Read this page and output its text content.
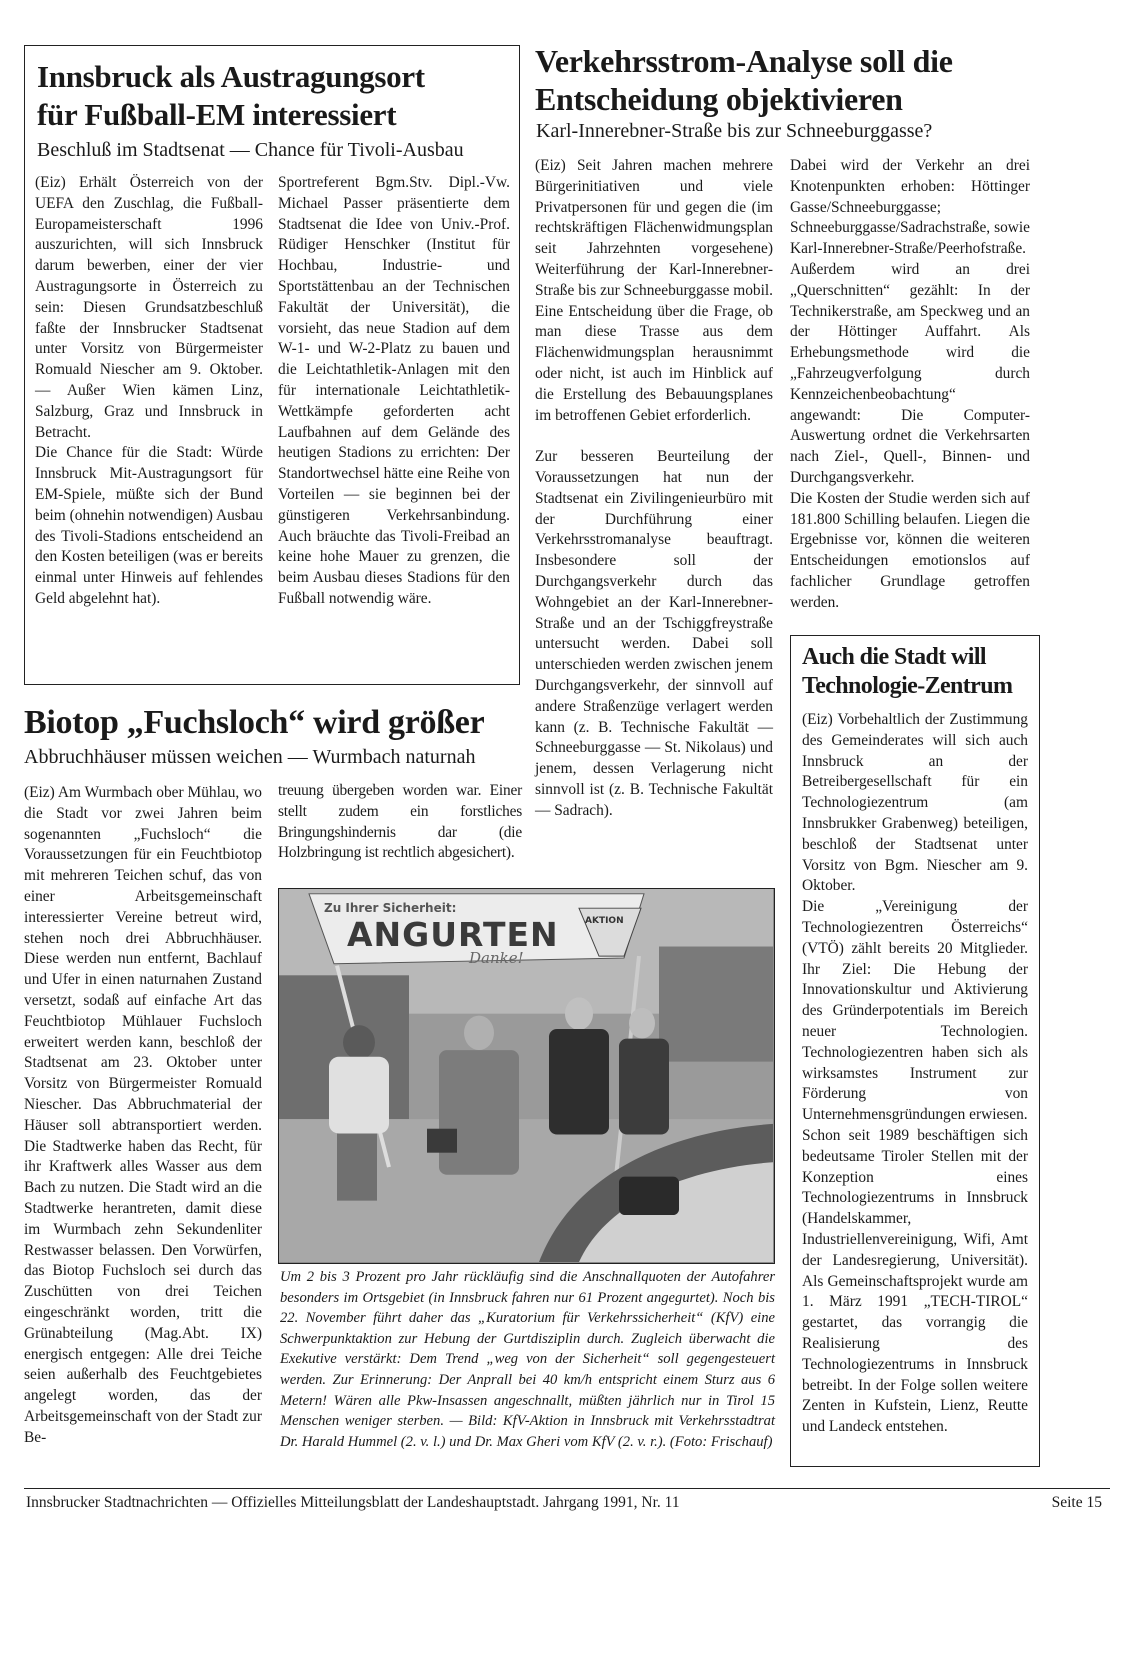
Innsbruck als Austragungsort
für Fußball-EM interessiert
Beschluß im Stadtsenat — Chance für Tivoli-Ausbau

(Eiz) Erhält Österreich von der UEFA den Zuschlag, die Fußball-Europameisterschaft 1996 auszurichten, will sich Innsbruck darum bewerben, einer der vier Austragungsorte in Österreich zu sein: Diesen Grundsatzbeschluß faßte der Innsbrucker Stadtsenat unter Vorsitz von Bürgermeister Romuald Niescher am 9. Oktober. — Außer Wien kämen Linz, Salzburg, Graz und Innsbruck in Betracht.

Die Chance für die Stadt: Würde Innsbruck Mit-Austragungsort für EM-Spiele, müßte sich der Bund beim (ohnehin notwendigen) Ausbau des Tivoli-Stadions entscheidend an den Kosten beteiligen (was er bereits einmal unter Hinweis auf fehlendes Geld abgelehnt hat).

Sportreferent Bgm.Stv. Dipl.-Vw. Michael Passer präsentierte dem Stadtsenat die Idee von Univ.-Prof. Rüdiger Henschker (Institut für Hochbau, Industrie- und Sportstättenbau an der Technischen Fakultät der Universität), die vorsieht, das neue Stadion auf dem W-1- und W-2-Platz zu bauen und die Leichtathletik-Anlagen mit den für internationale Leichtathletik-Wettkämpfe geforderten acht Laufbahnen auf dem Gelände des heutigen Stadions zu errichten: Der Standortwechsel hätte eine Reihe von Vorteilen — sie beginnen bei der günstigeren Verkehrsanbindung. Auch bräuchte das Tivoli-Freibad an keine hohe Mauer zu grenzen, die beim Ausbau dieses Stadions für den Fußball notwendig wäre.

Verkehrsstrom-Analyse soll die
Entscheidung objektivieren
Karl-Innerebner-Straße bis zur Schneeburggasse?

(Eiz) Seit Jahren machen mehrere Bürgerinitiativen und viele Privatpersonen für und gegen die (im rechtskräftigen Flächenwidmungsplan seit Jahrzehnten vorgesehene) Weiterführung der Karl-Innerebner-Straße bis zur Schneeburggasse mobil. Eine Entscheidung über die Frage, ob man diese Trasse aus dem Flächenwidmungsplan herausnimmt oder nicht, ist auch im Hinblick auf die Erstellung des Bebauungsplanes im betroffenen Gebiet erforderlich.

Zur besseren Beurteilung der Voraussetzungen hat nun der Stadtsenat ein Zivilingenieurbüro mit der Durchführung einer Verkehrsstromanalyse beauftragt. Insbesondere soll der Durchgangsverkehr durch das Wohngebiet an der Karl-Innerebner-Straße und an der Tschiggfreystraße untersucht werden. Dabei soll unterschieden werden zwischen jenem Durchgangsverkehr, der sinnvoll auf andere Straßenzüge verlagert werden kann (z. B. Technische Fakultät — Schneeburggasse — St. Nikolaus) und jenem, dessen Verlagerung nicht sinnvoll ist (z. B. Technische Fakultät — Sadrach).

Dabei wird der Verkehr an drei Knotenpunkten erhoben: Höttinger Gasse/Schneeburggasse; Schneeburggasse/Sadrachstraße, sowie Karl-Innerebner-Straße/Peerhofstraße. Außerdem wird an drei „Querschnitten“ gezählt: In der Technikerstraße, am Speckweg und an der Höttinger Auffahrt. Als Erhebungsmethode wird die „Fahrzeugverfolgung durch Kennzeichenbeobachtung“ angewandt: Die Computer-Auswertung ordnet die Verkehrsarten nach Ziel-, Quell-, Binnen- und Durchgangsverkehr.

Die Kosten der Studie werden sich auf 181.800 Schilling belaufen. Liegen die Ergebnisse vor, können die weiteren Entscheidungen emotionslos auf fachlicher Grundlage getroffen werden.

Auch die Stadt will
Technologie-Zentrum

(Eiz) Vorbehaltlich der Zustimmung des Gemeinderates will sich auch Innsbruck an der Betreibergesellschaft für ein Technologiezentrum (am Innsbrukker Grabenweg) beteiligen, beschloß der Stadtsenat unter Vorsitz von Bgm. Niescher am 9. Oktober.

Die „Vereinigung der Technologiezentren Österreichs“ (VTÖ) zählt bereits 20 Mitglieder. Ihr Ziel: Die Hebung der Innovationskultur und Aktivierung des Gründerpotentials im Bereich neuer Technologien. Technologiezentren haben sich als wirksamstes Instrument zur Förderung von Unternehmensgründungen erwiesen.

Schon seit 1989 beschäftigen sich bedeutsame Tiroler Stellen mit der Konzeption eines Technologiezentrums in Innsbruck (Handelskammer, Industriellenvereinigung, Wifi, Amt der Landesregierung, Universität). Als Gemeinschaftsprojekt wurde am 1. März 1991 „TECH-TIROL“ gestartet, das vorrangig die Realisierung des Technologiezentrums in Innsbruck betreibt. In der Folge sollen weitere Zenten in Kufstein, Lienz, Reutte und Landeck entstehen.

Biotop „Fuchsloch“ wird größer
Abbruchhäuser müssen weichen — Wurmbach naturnah

(Eiz) Am Wurmbach ober Mühlau, wo die Stadt vor zwei Jahren beim sogenannten „Fuchsloch“ die Voraussetzungen für ein Feuchtbiotop mit mehreren Teichen schuf, das von einer Arbeitsgemeinschaft interessierter Vereine betreut wird, stehen noch drei Abbruchhäuser. Diese werden nun entfernt, Bachlauf und Ufer in einen naturnahen Zustand versetzt, sodaß auf einfache Art das Feuchtbiotop Mühlauer Fuchsloch erweitert werden kann, beschloß der Stadtsenat am 23. Oktober unter Vorsitz von Bürgermeister Romuald Niescher. Das Abbruchmaterial der Häuser soll abtransportiert werden. Die Stadtwerke haben das Recht, für ihr Kraftwerk alles Wasser aus dem Bach zu nutzen. Die Stadt wird an die Stadtwerke herantreten, damit diese im Wurmbach zehn Sekundenliter Restwasser belassen. Den Vorwürfen, das Biotop Fuchsloch sei durch das Zuschütten von drei Teichen eingeschränkt worden, tritt die Grünabteilung (Mag.Abt. IX) energisch entgegen: Alle drei Teiche seien außerhalb des Feuchtgebietes angelegt worden, das der Arbeitsgemeinschaft von der Stadt zur Be-

treuung übergeben worden war. Einer stellt zudem ein forstliches Bringungshindernis dar (die Holzbringung ist rechtlich abgesichert).

Zu Ihrer Sicherheit:
ANGURTEN
Danke!
AKTION
Um 2 bis 3 Prozent pro Jahr rückläufig sind die Anschnallquoten der Autofahrer besonders im Ortsgebiet (in Innsbruck fahren nur 61 Prozent angegurtet). Noch bis 22. November führt daher das „Kuratorium für Verkehrssicherheit“ (KfV) eine Schwerpunktaktion zur Hebung der Gurtdisziplin durch. Zugleich überwacht die Exekutive verstärkt: Dem Trend „weg von der Sicherheit“ soll gegengesteuert werden. Zur Erinnerung: Der Anprall bei 40 km/h entspricht einem Sturz aus 6 Metern! Wären alle Pkw-Insassen angeschnallt, müßten jährlich nur in Tirol 15 Menschen weniger sterben. — Bild: KfV-Aktion in Innsbruck mit Verkehrsstadtrat Dr. Harald Hummel (2. v. l.) und Dr. Max Gheri vom KfV (2. v. r.). (Foto: Frischauf)
Innsbrucker Stadtnachrichten — Offizielles Mitteilungsblatt der Landeshauptstadt. Jahrgang 1991, Nr. 11	Seite 15
